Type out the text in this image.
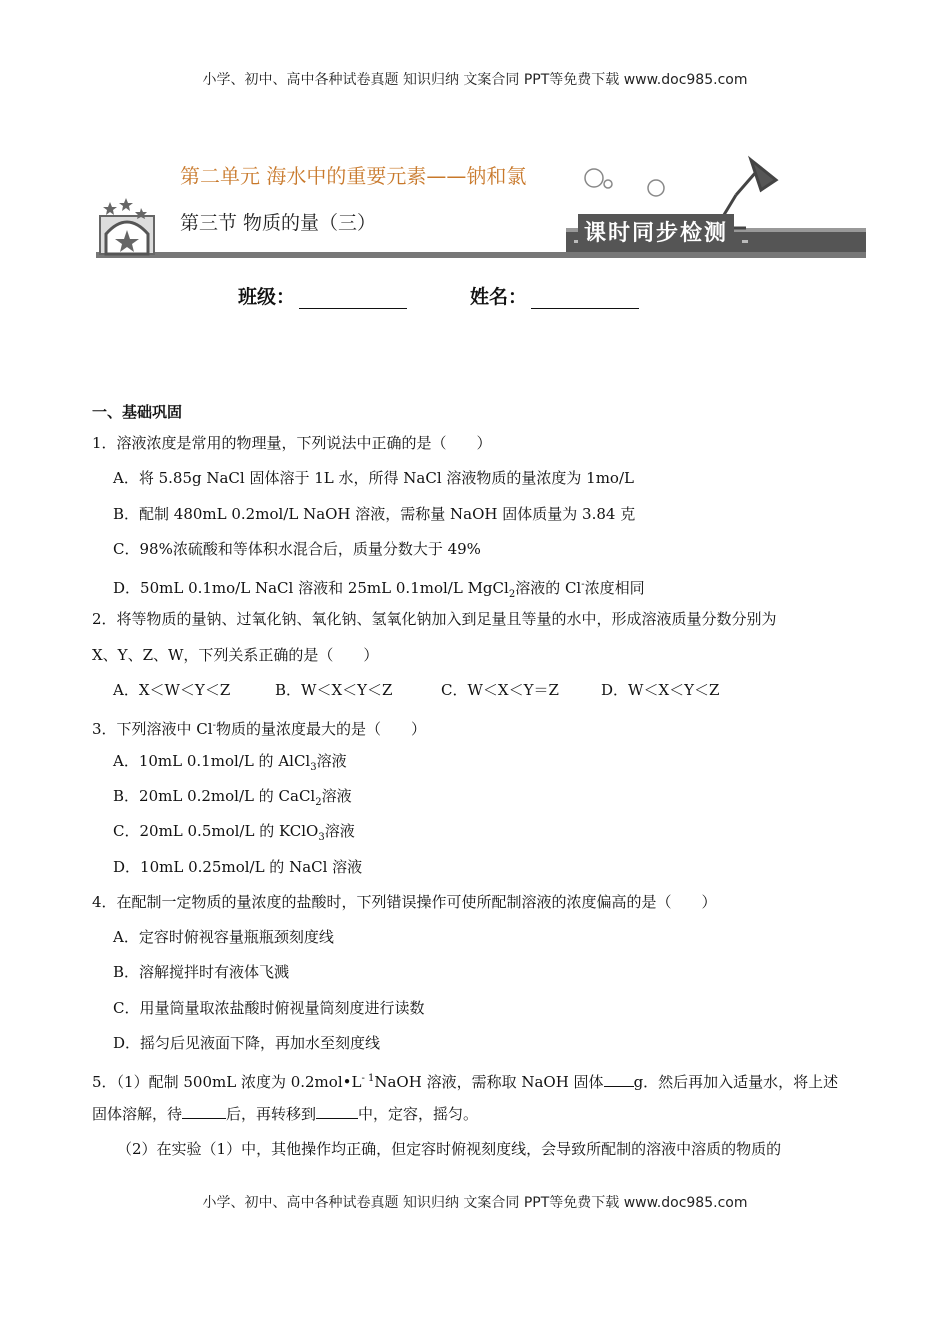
小学、初中、高中各种试卷真题 知识归纳 文案合同 PPT等免费下载 www.doc985.com
第二单元 海水中的重要元素——钠和氯
第三节 物质的量（三）	课时同步检测
班级：	姓名：
一、基础巩固
1．溶液浓度是常用的物理量，下列说法中正确的是（　　）
A．将 5.85g NaCl 固体溶于 1L 水，所得 NaCl 溶液物质的量浓度为 1mo/L
B．配制 480mL 0.2mol/L NaOH 溶液，需称量 NaOH 固体质量为 3.84 克
C．98%浓硫酸和等体积水混合后，质量分数大于 49%
D．50mL 0.1mo/L NaCl 溶液和 25mL 0.1mol/L MgCl$_2$溶液的 Cl-浓度相同
2．将等物质的量钠、过氧化钠、氧化钠、氢氧化钠加入到足量且等量的水中，形成溶液质量分数分别为
X、Y、Z、W，下列关系正确的是（　　）
A．X＜W＜Y＜Z	B．W＜X＜Y＜Z	C．W＜X＜Y＝Z	D．W＜X＜Y＜Z
3．下列溶液中 Cl-物质的量浓度最大的是（　　）
A．10mL 0.1mol/L 的 AlCl$_3$溶液
B．20mL 0.2mol/L 的 CaCl$_2$溶液
C．20mL 0.5mol/L 的 KClO$_3$溶液
D．10mL 0.25mol/L 的 NaCl 溶液
4．在配制一定物质的量浓度的盐酸时，下列错误操作可使所配制溶液的浓度偏高的是（　　）
A．定容时俯视容量瓶瓶颈刻度线
B．溶解搅拌时有液体飞溅
C．用量筒量取浓盐酸时俯视量筒刻度进行读数
D．摇匀后见液面下降，再加水至刻度线
5．（1）配制 500mL 浓度为 $0.2mol•L^{- 1}NaOH$ 溶液，需称取 NaOH 固体 g．然后再加入适量水，将上述
固体溶解，待	后，再转移到	中，定容，摇匀。
（2）在实验（1）中，其他操作均正确，但定容时俯视刻度线，会导致所配制的溶液中溶质的物质的
小学、初中、高中各种试卷真题 知识归纳 文案合同 PPT等免费下载 www.doc985.com
